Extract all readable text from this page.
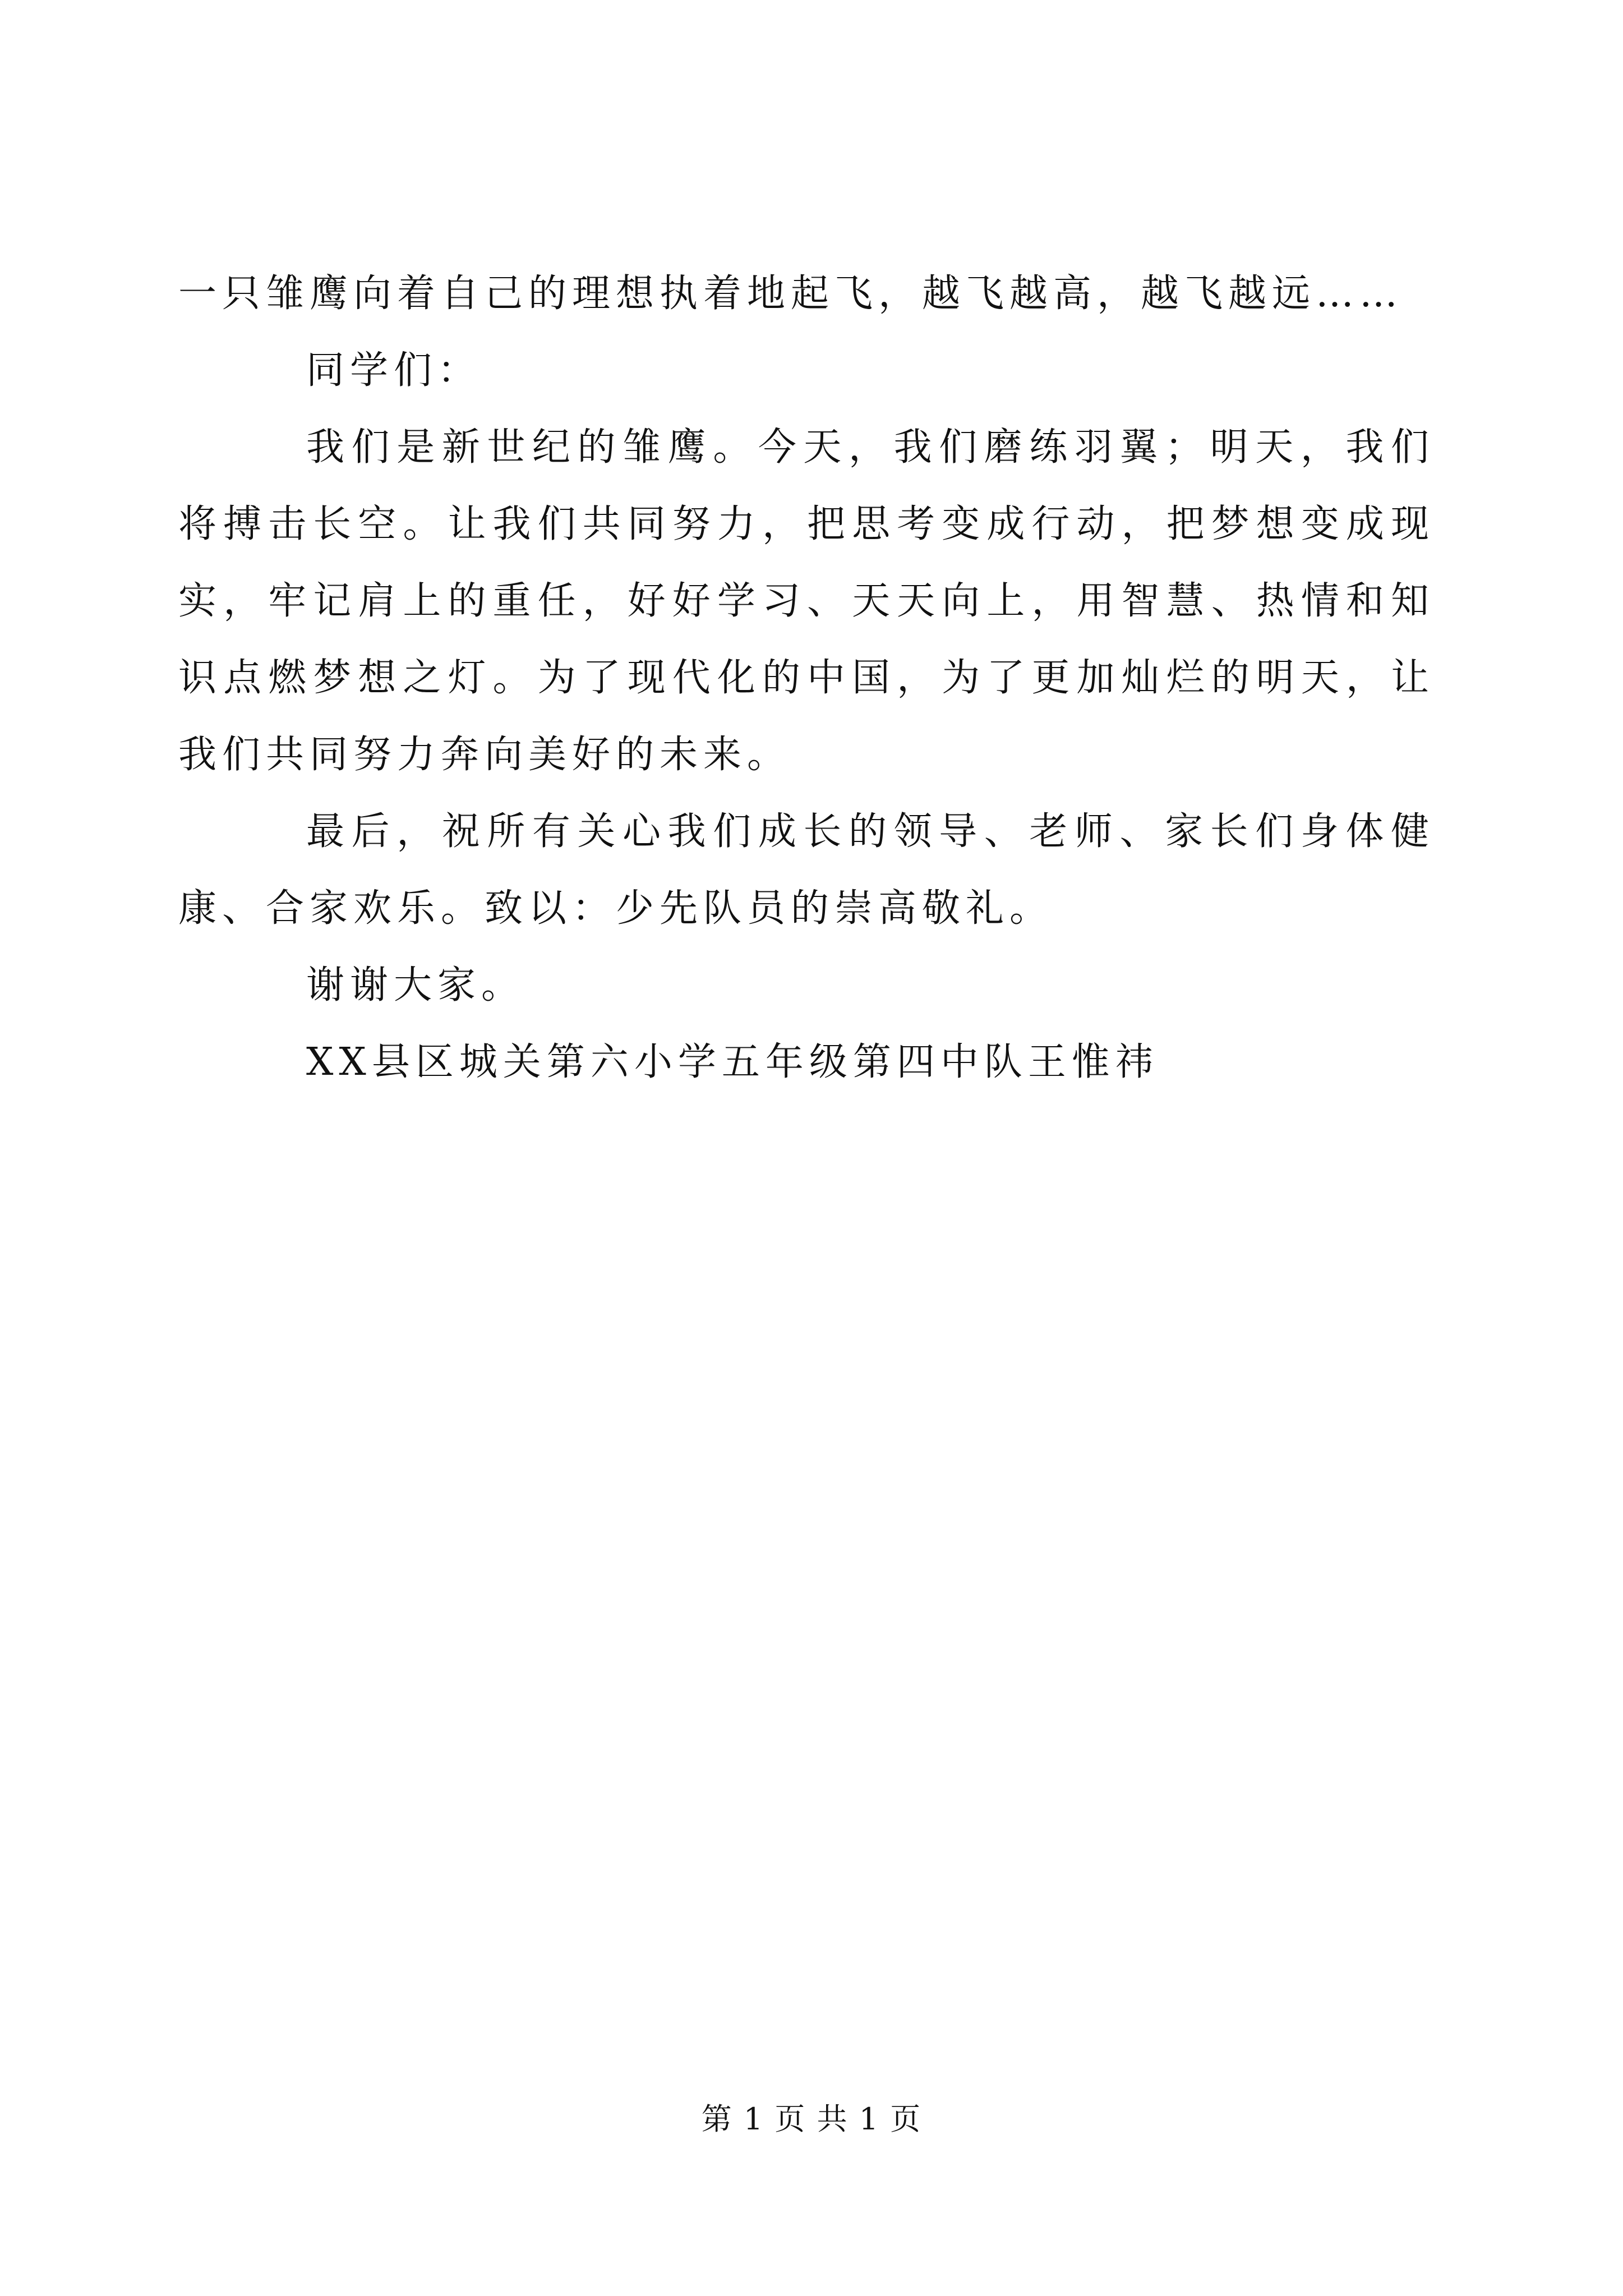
一只雏鹰向着自己的理想执着地起飞，越飞越高，越飞越远……

同学们：

我们是新世纪的雏鹰。今天，我们磨练羽翼；明天，我们将搏击长空。让我们共同努力，把思考变成行动，把梦想变成现实，牢记肩上的重任，好好学习、天天向上，用智慧、热情和知识点燃梦想之灯。为了现代化的中国，为了更加灿烂的明天，让我们共同努力奔向美好的未来。

最后，祝所有关心我们成长的领导、老师、家长们身体健康、合家欢乐。致以：少先队员的崇高敬礼。

谢谢大家。

XX县区城关第六小学五年级第四中队王惟祎

第 1 页 共 1 页
